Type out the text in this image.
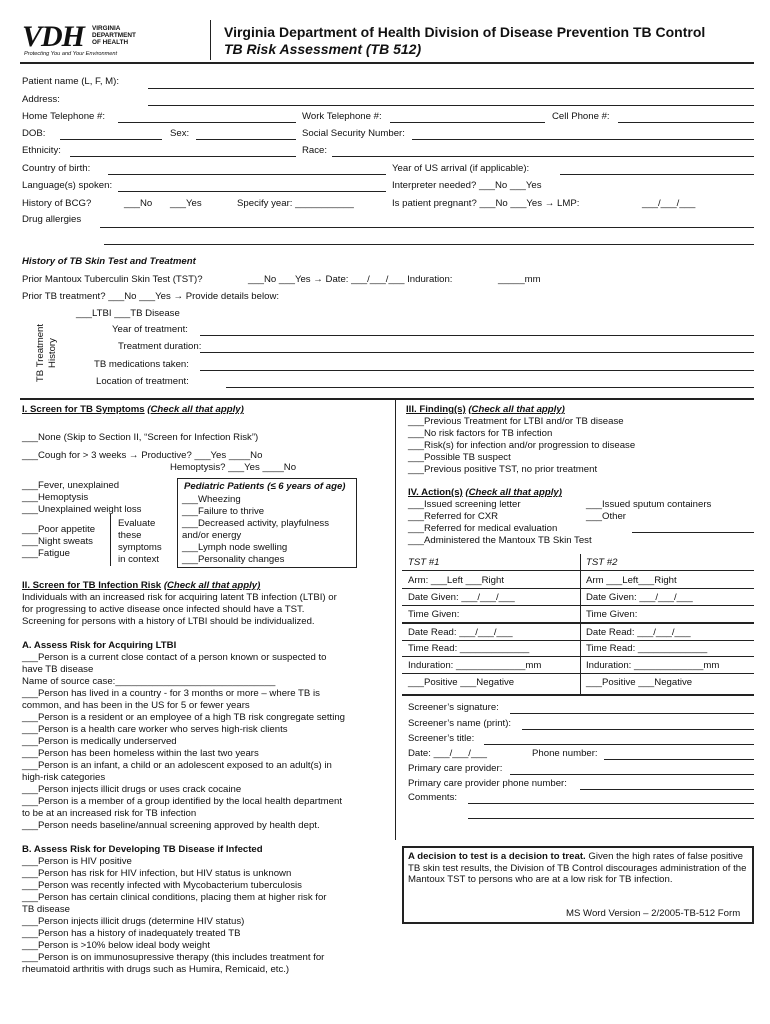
VDH VIRGINIA
DEPARTMENT
OF HEALTH
Protecting You and Your Environment
Virginia Department of Health Division of Disease Prevention TB Control
TB Risk Assessment (TB 512)
Patient name (L, F, M):
Address:
Home Telephone #:	Work Telephone #:	Cell Phone #:
DOB:	Sex:	Social Security Number:
Ethnicity:	Race:
Country of birth:	Year of US arrival (if applicable):
Language(s) spoken:	Interpreter needed? ___No ___Yes
History of BCG?	___No ___Yes	Specify year: ___________	Is patient pregnant? ___No ___Yes → LMP:	___/___/___
Drug allergies
History of TB Skin Test and Treatment
Prior Mantoux Tuberculin Skin Test (TST)?	___No ___Yes → Date: ___/___/___ Induration:	_____mm
Prior TB treatment? ___No ___Yes → Provide details below:
TB Treatment History
___LTBI ___TB Disease
Year of treatment:
Treatment duration:
TB medications taken:
Location of treatment:
I. Screen for TB Symptoms (Check all that apply)
___None (Skip to Section II, “Screen for Infection Risk”)
___Cough for > 3 weeks → Productive? ___Yes ____No
Hemoptysis? ___Yes ____No
___Fever, unexplained
___Hemoptysis
___Unexplained weight loss
___Poor appetite
___Night sweats
___Fatigue
Evaluate
these
symptoms
in context
Pediatric Patients (≤ 6 years of age)
___Wheezing
___Failure to thrive
___Decreased activity, playfulness
and/or energy
___Lymph node swelling
___Personality changes
II. Screen for TB Infection Risk (Check all that apply)
Individuals with an increased risk for acquiring latent TB infection (LTBI) or
for progressing to active disease once infected should have a TST.
Screening for persons with a history of LTBI should be individualized.
A. Assess Risk for Acquiring LTBI
___Person is a current close contact of a person known or suspected to
have TB disease
Name of source case:______________________________
___Person has lived in a country - for 3 months or more – where TB is
common, and has been in the US for 5 or fewer years
___Person is a resident or an employee of a high TB risk congregate setting
___Person is a health care worker who serves high-risk clients
___Person is medically underserved
___Person has been homeless within the last two years
___Person is an infant, a child or an adolescent exposed to an adult(s) in
high-risk categories
___Person injects illicit drugs or uses crack cocaine
___Person is a member of a group identified by the local health department
to be at an increased risk for TB infection
___Person needs baseline/annual screening approved by health dept.
B. Assess Risk for Developing TB Disease if Infected
___Person is HIV positive
___Person has risk for HIV infection, but HIV status is unknown
___Person was recently infected with Mycobacterium tuberculosis
___Person has certain clinical conditions, placing them at higher risk for
TB disease
___Person injects illicit drugs (determine HIV status)
___Person has a history of inadequately treated TB
___Person is >10% below ideal body weight
___Person is on immunosupressive therapy (this includes treatment for
rheumatoid arthritis with drugs such as Humira, Remicaid, etc.)
III. Finding(s) (Check all that apply)
___Previous Treatment for LTBI and/or TB disease
___No risk factors for TB infection
___Risk(s) for infection and/or progression to disease
___Possible TB suspect
___Previous positive TST, no prior treatment
IV. Action(s) (Check all that apply)
___Issued screening letter
___Referred for CXR
___Referred for medical evaluation
___Administered the Mantoux TB Skin Test
___Issued sputum containers
___Other
TST #1	TST #2
Arm: ___Left ___Right	Arm ___Left___Right
Date Given: ___/___/___	Date Given: ___/___/___
Time Given:	Time Given:
Date Read: ___/___/___	Date Read: ___/___/___
Time Read: _____________	Time Read: _____________
Induration: _____________mm	Induration: _____________mm
___Positive ___Negative	___Positive ___Negative
Screener’s signature:
Screener’s name (print):
Screener’s title:
Date: ___/___/___	Phone number:
Primary care provider:
Primary care provider phone number:
Comments:
A decision to test is a decision to treat. Given the high rates of false positive TB skin test results, the Division of TB Control discourages administration of the Mantoux TST to persons who are at a low risk for TB infection.
MS Word Version – 2/2005-TB-512 Form
